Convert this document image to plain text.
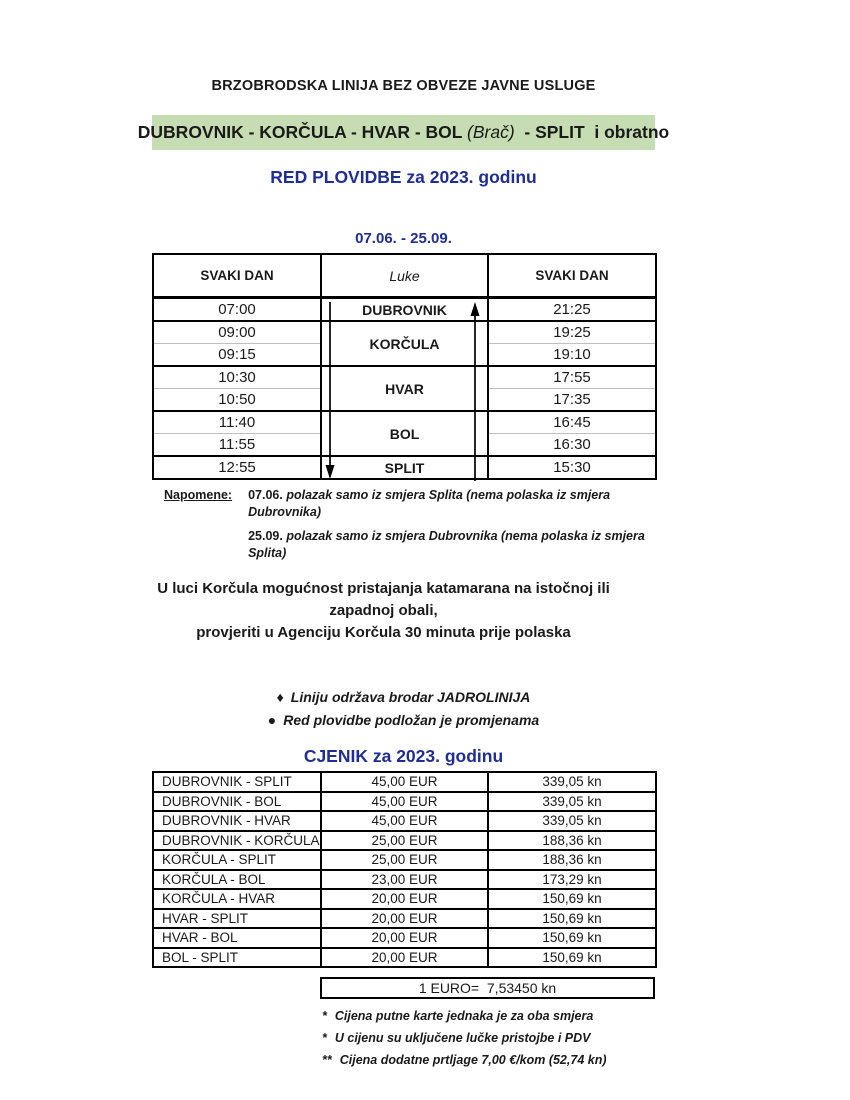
BRZOBRODSKA LINIJA BEZ OBVEZE JAVNE USLUGE
DUBROVNIK - KORČULA - HVAR - BOL (Brač) - SPLIT  i obratno
RED PLOVIDBE za 2023. godinu
07.06. - 25.09.
SVAKI DAN	Luke	SVAKI DAN
07:00	DUBROVNIK	21:25
09:00	KORČULA	19:25
09:15		19:10
10:30	HVAR	17:55
10:50		17:35
11:40	BOL	16:45
11:55		16:30
12:55	SPLIT	15:30
Napomene: 07.06. polazak samo iz smjera Splita (nema polaska iz smjera Dubrovnika)
25.09. polazak samo iz smjera Dubrovnika (nema polaska iz smjera Splita)
U luci Korčula mogućnost pristajanja katamarana na istočnoj ili zapadnoj obali,
provjeriti u Agenciju Korčula 30 minuta prije polaska
♦ Liniju održava brodar JADROLINIJA
● Red plovidbe podložan je promjenama
CJENIK za 2023. godinu
DUBROVNIK - SPLIT	45,00 EUR	339,05 kn
DUBROVNIK - BOL	45,00 EUR	339,05 kn
DUBROVNIK - HVAR	45,00 EUR	339,05 kn
DUBROVNIK - KORČULA	25,00 EUR	188,36 kn
KORČULA - SPLIT	25,00 EUR	188,36 kn
KORČULA - BOL	23,00 EUR	173,29 kn
KORČULA - HVAR	20,00 EUR	150,69 kn
HVAR - SPLIT	20,00 EUR	150,69 kn
HVAR - BOL	20,00 EUR	150,69 kn
BOL - SPLIT	20,00 EUR	150,69 kn
1 EURO=  7,53450 kn
* Cijena putne karte jednaka je za oba smjera
* U cijenu su uključene lučke pristojbe i PDV
** Cijena dodatne prtljage 7,00 €/kom (52,74 kn)
